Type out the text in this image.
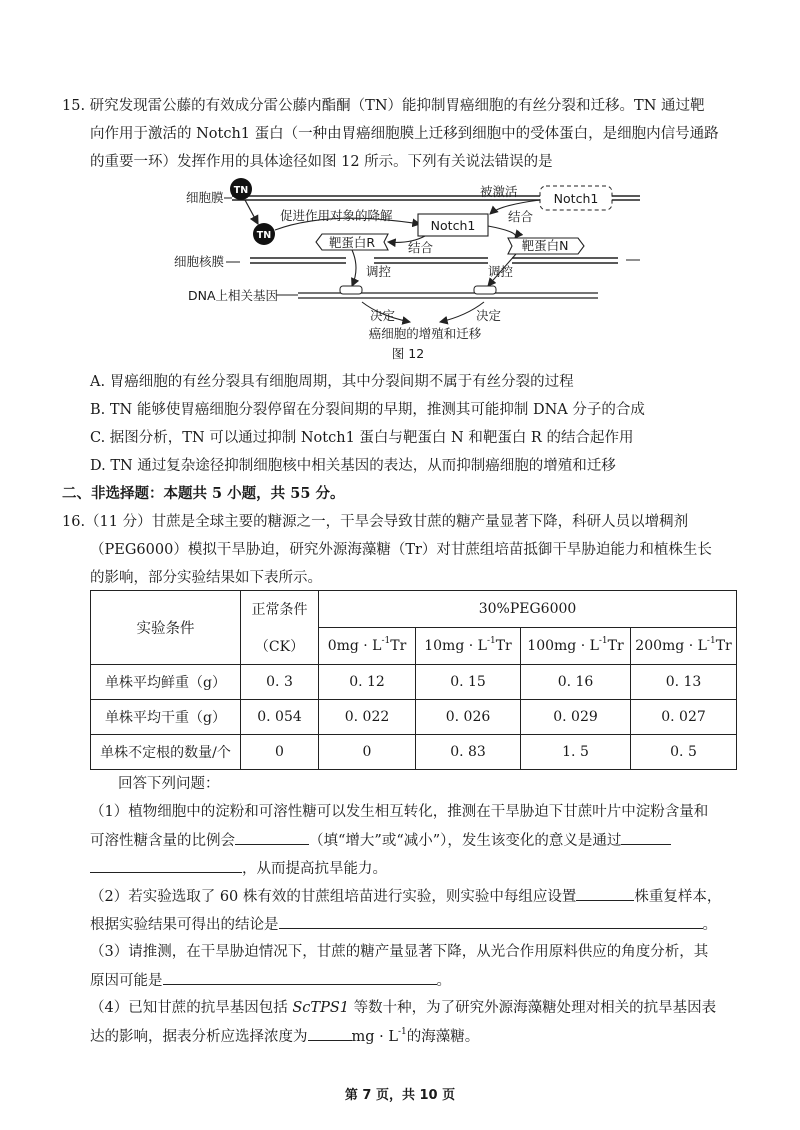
15. 研究发现雷公藤的有效成分雷公藤内酯酮（TN）能抑制胃癌细胞的有丝分裂和迁移。TN 通过靶
向作用于激活的 Notch1 蛋白（一种由胃癌细胞膜上迁移到细胞中的受体蛋白，是细胞内信号通路
的重要一环）发挥作用的具体途径如图 12 所示。下列有关说法错误的是
细胞膜 TN
TN
促进作用对象的降解
Notch1
被激活
Notch1
结合
结合
靶蛋白R	靶蛋白N
细胞核膜
调控	调控
DNA上相关基因
决定	决定
癌细胞的增殖和迁移
图 12
A. 胃癌细胞的有丝分裂具有细胞周期，其中分裂间期不属于有丝分裂的过程
B. TN 能够使胃癌细胞分裂停留在分裂间期的早期，推测其可能抑制 DNA 分子的合成
C. 据图分析，TN 可以通过抑制 Notch1 蛋白与靶蛋白 N 和靶蛋白 R 的结合起作用
D. TN 通过复杂途径抑制细胞核中相关基因的表达，从而抑制癌细胞的增殖和迁移
二、非选择题：本题共 5 小题，共 55 分。
16.（11 分）甘蔗是全球主要的糖源之一，干旱会导致甘蔗的糖产量显著下降，科研人员以增稠剂
（PEG6000）模拟干旱胁迫，研究外源海藻糖（Tr）对甘蔗组培苗抵御干旱胁迫能力和植株生长
的影响，部分实验结果如下表所示。
实验条件	正常条件	30%PEG6000			
	（CK）	$0mg \cdot L^{-1}Tr$	$10mg \cdot L^{-1}Tr$	$100mg \cdot L^{-1}Tr$	$200mg \cdot L^{-1}Tr$
单株平均鲜重（g）	0. 3	0. 12	0. 15	0. 16	0. 13
单株平均干重（g）	0. 054	0. 022	0. 026	0. 029	0. 027
单株不定根的数量/个	0	0	0. 83	1. 5	0. 5
回答下列问题：
（1）植物细胞中的淀粉和可溶性糖可以发生相互转化，推测在干旱胁迫下甘蔗叶片中淀粉含量和
可溶性糖含量的比例会	（填“增大”或“减小”），发生该变化的意义是通过
，从而提高抗旱能力。
（2）若实验选取了 60 株有效的甘蔗组培苗进行实验，则实验中每组应设置	株重复样本，
根据实验结果可得出的结论是	。
（3）请推测，在干旱胁迫情况下，甘蔗的糖产量显著下降，从光合作用原料供应的角度分析，其
原因可能是	。
（4）已知甘蔗的抗旱基因包括 ScTPS1 等数十种，为了研究外源海藻糖处理对相关的抗旱基因表
达的影响，据表分析应选择浓度为	mg · $L^{-1}$的海藻糖。
第 7 页，共 10 页
